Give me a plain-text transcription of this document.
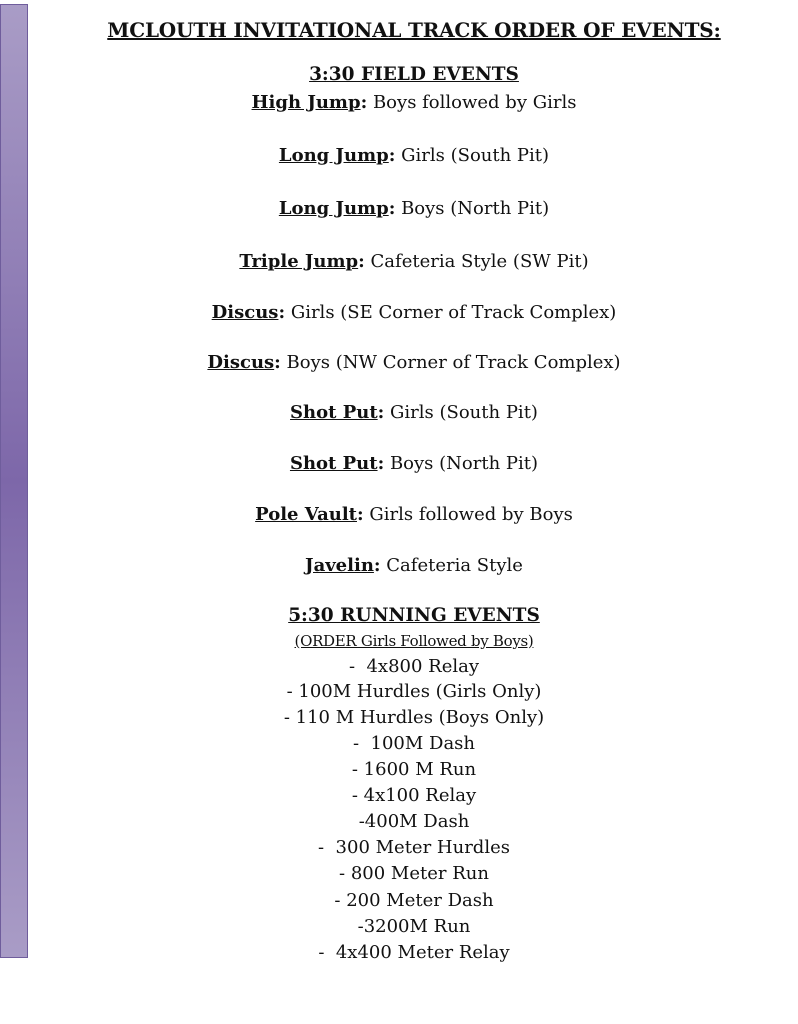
MCLOUTH INVITATIONAL TRACK ORDER OF EVENTS:
3:30 FIELD EVENTS
High Jump: Boys followed by Girls
Long Jump: Girls (South Pit)
Long Jump: Boys (North Pit)
Triple Jump: Cafeteria Style (SW Pit)
Discus: Girls (SE Corner of Track Complex)
Discus: Boys (NW Corner of Track Complex)
Shot Put: Girls (South Pit)
Shot Put: Boys (North Pit)
Pole Vault: Girls followed by Boys
Javelin: Cafeteria Style
5:30 RUNNING EVENTS
(ORDER Girls Followed by Boys)
-  4x800 Relay
- 100M Hurdles (Girls Only)
- 110 M Hurdles (Boys Only)
-  100M Dash
- 1600 M Run
- 4x100 Relay
-400M Dash
-  300 Meter Hurdles
- 800 Meter Run
- 200 Meter Dash
-3200M Run
-  4x400 Meter Relay
